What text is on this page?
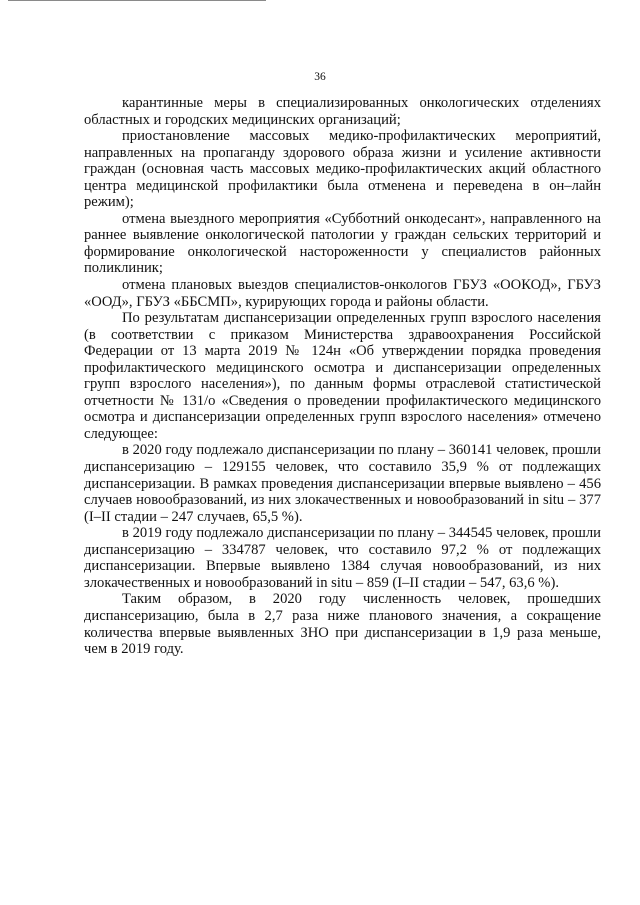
36

карантинные меры в специализированных онкологических отделениях областных и городских медицинских организаций;

приостановление массовых медико-профилактических мероприятий, направленных на пропаганду здорового образа жизни и усиление активности граждан (основная часть массовых медико-профилактических акций областного центра медицинской профилактики была отменена и переведена в он–лайн режим);

отмена выездного мероприятия «Субботний онкодесант», направленного на раннее выявление онкологической патологии у граждан сельских территорий и формирование онкологической настороженности у специалистов районных поликлиник;

отмена плановых выездов специалистов-онкологов ГБУЗ «ООКОД», ГБУЗ «ООД», ГБУЗ «ББСМП», курирующих города и районы области.

По результатам диспансеризации определенных групп взрослого населения (в соответствии с приказом Министерства здравоохранения Российской Федерации от 13 марта 2019 № 124н «Об утверждении порядка проведения профилактического медицинского осмотра и диспансеризации определенных групп взрослого населения»), по данным формы отраслевой статистической отчетности № 131/о «Сведения о проведении профилактического медицинского осмотра и диспансеризации определенных групп взрослого населения» отмечено следующее:

в 2020 году подлежало диспансеризации по плану – 360141 человек, прошли диспансеризацию – 129155 человек, что составило 35,9 % от подлежащих диспансеризации. В рамках проведения диспансеризации впервые выявлено – 456 случаев новообразований, из них злокачественных и новообразований in situ – 377 (I–II стадии – 247 случаев, 65,5 %).

в 2019 году подлежало диспансеризации по плану – 344545 человек, прошли диспансеризацию – 334787 человек, что составило 97,2 % от подлежащих диспансеризации. Впервые выявлено 1384 случая новообразований, из них злокачественных и новообразований in situ – 859 (I–II стадии – 547, 63,6 %).

Таким образом, в 2020 году численность человек, прошедших диспансеризацию, была в 2,7 раза ниже планового значения, а сокращение количества впервые выявленных ЗНО при диспансеризации в 1,9 раза меньше, чем в 2019 году.
